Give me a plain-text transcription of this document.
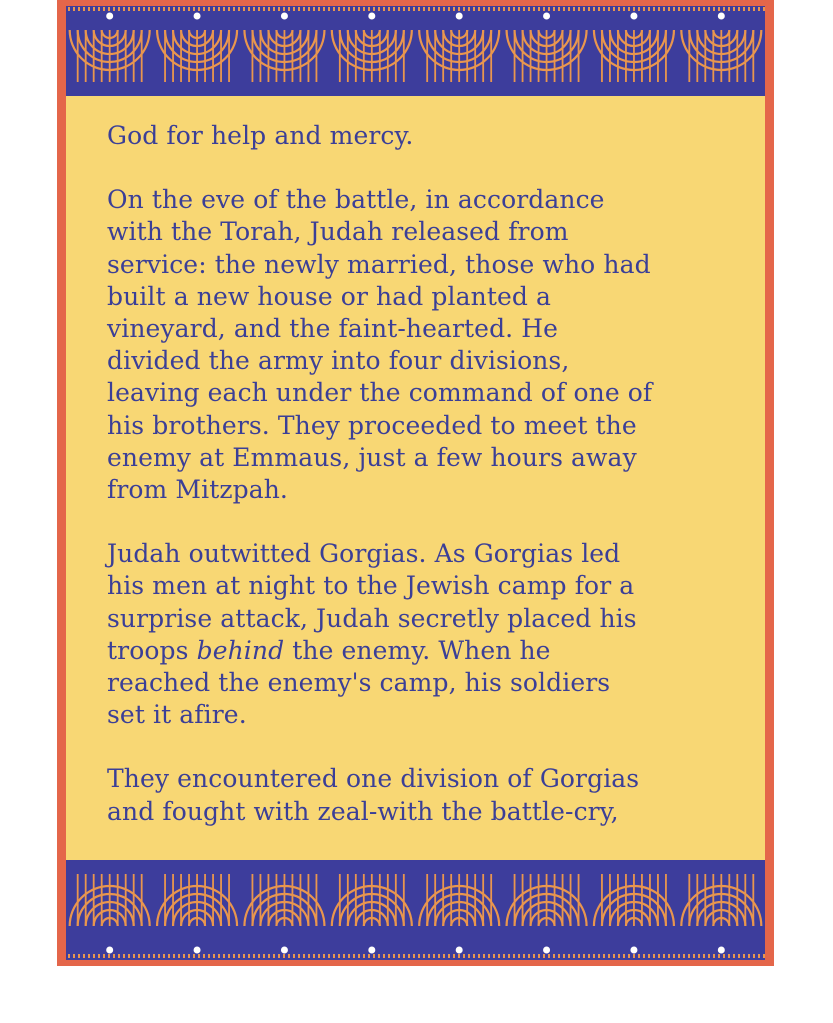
God for help and mercy.

On the eve of the battle, in accordance
with the Torah, Judah released from
service: the newly married, those who had
built a new house or had planted a
vineyard, and the faint-hearted. He
divided the army into four divisions,
leaving each under the command of one of
his brothers. They proceeded to meet the
enemy at Emmaus, just a few hours away
from Mitzpah.

Judah outwitted Gorgias. As Gorgias led
his men at night to the Jewish camp for a
surprise attack, Judah secretly placed his
troops behind the enemy. When he
reached the enemy's camp, his soldiers
set it afire.

They encountered one division of Gorgias
and fought with zeal-with the battle-cry,
